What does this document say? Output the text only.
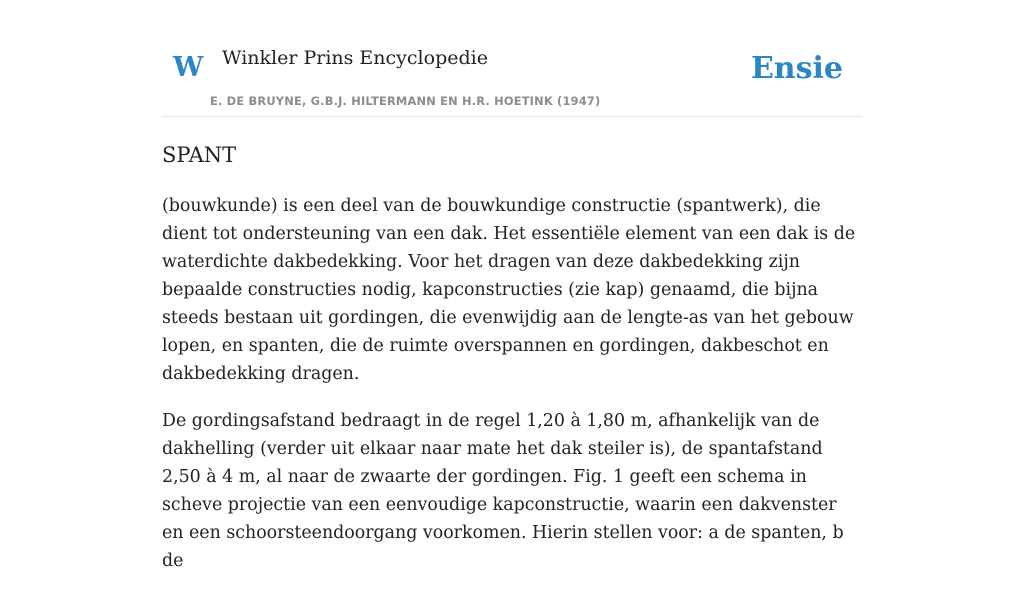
W Winkler Prins Encyclopedie
E. DE BRUYNE, G.B.J. HILTERMANN EN H.R. HOETINK (1947)
Ensie
SPANT

(bouwkunde) is een deel van de bouwkundige constructie (spantwerk), die dient tot ondersteuning van een dak. Het essentiële element van een dak is de waterdichte dakbedekking. Voor het dragen van deze dakbedekking zijn bepaalde constructies nodig, kapconstructies (zie kap) genaamd, die bijna steeds bestaan uit gordingen, die evenwijdig aan de lengte-as van het gebouw lopen, en spanten, die de ruimte overspannen en gordingen, dakbeschot en dakbedekking dragen.

De gordingsafstand bedraagt in de regel 1,20 à 1,80 m, afhankelijk van de dakhelling (verder uit elkaar naar mate het dak steiler is), de spantafstand 2,50 à 4 m, al naar de zwaarte der gordingen. Fig. 1 geeft een schema in scheve projectie van een eenvoudige kapconstructie, waarin een dakvenster en een schoorsteendoorgang voorkomen. Hierin stellen voor: a de spanten, b de
